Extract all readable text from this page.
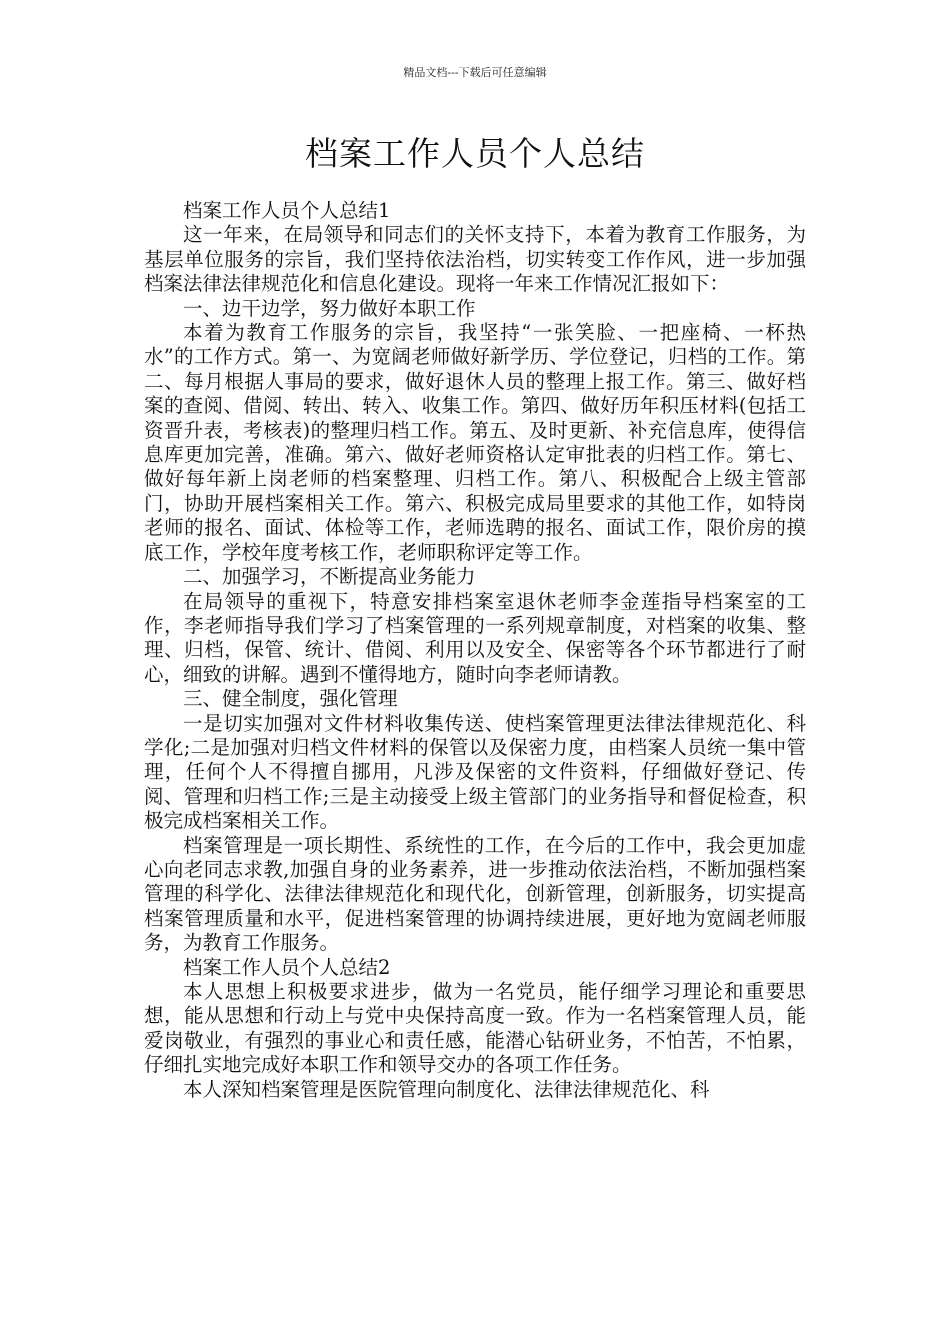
精品文档---下载后可任意编辑
档案工作人员个人总结

档案工作人员个人总结1

这一年来，在局领导和同志们的关怀支持下，本着为教育工作服务，为基层单位服务的宗旨，我们坚持依法治档，切实转变工作作风，进一步加强档案法律法律规范化和信息化建设。现将一年来工作情况汇报如下：

一、边干边学，努力做好本职工作

本着为教育工作服务的宗旨，我坚持“一张笑脸、一把座椅、一杯热水”的工作方式。第一、为宽阔老师做好新学历、学位登记，归档的工作。第二、每月根据人事局的要求，做好退休人员的整理上报工作。第三、做好档案的查阅、借阅、转出、转入、收集工作。第四、做好历年积压材料(包括工资晋升表，考核表)的整理归档工作。第五、及时更新、补充信息库，使得信息库更加完善，准确。第六、做好老师资格认定审批表的归档工作。第七、做好每年新上岗老师的档案整理、归档工作。第八、积极配合上级主管部门，协助开展档案相关工作。第六、积极完成局里要求的其他工作，如特岗老师的报名、面试、体检等工作，老师选聘的报名、面试工作，限价房的摸底工作，学校年度考核工作，老师职称评定等工作。

二、加强学习，不断提高业务能力

在局领导的重视下，特意安排档案室退休老师李金莲指导档案室的工作，李老师指导我们学习了档案管理的一系列规章制度，对档案的收集、整理、归档，保管、统计、借阅、利用以及安全、保密等各个环节都进行了耐心，细致的讲解。遇到不懂得地方，随时向李老师请教。

三、健全制度，强化管理

一是切实加强对文件材料收集传送、使档案管理更法律法律规范化、科学化;二是加强对归档文件材料的保管以及保密力度，由档案人员统一集中管理，任何个人不得擅自挪用，凡涉及保密的文件资料，仔细做好登记、传阅、管理和归档工作;三是主动接受上级主管部门的业务指导和督促检查，积极完成档案相关工作。

档案管理是一项长期性、系统性的工作，在今后的工作中，我会更加虚心向老同志求教,加强自身的业务素养，进一步推动依法治档，不断加强档案管理的科学化、法律法律规范化和现代化，创新管理，创新服务，切实提高档案管理质量和水平，促进档案管理的协调持续进展，更好地为宽阔老师服务，为教育工作服务。

档案工作人员个人总结2

本人思想上积极要求进步，做为一名党员，能仔细学习理论和重要思想，能从思想和行动上与党中央保持高度一致。作为一名档案管理人员，能爱岗敬业，有强烈的事业心和责任感，能潜心钻研业务，不怕苦，不怕累，仔细扎实地完成好本职工作和领导交办的各项工作任务。

本人深知档案管理是医院管理向制度化、法律法律规范化、科
